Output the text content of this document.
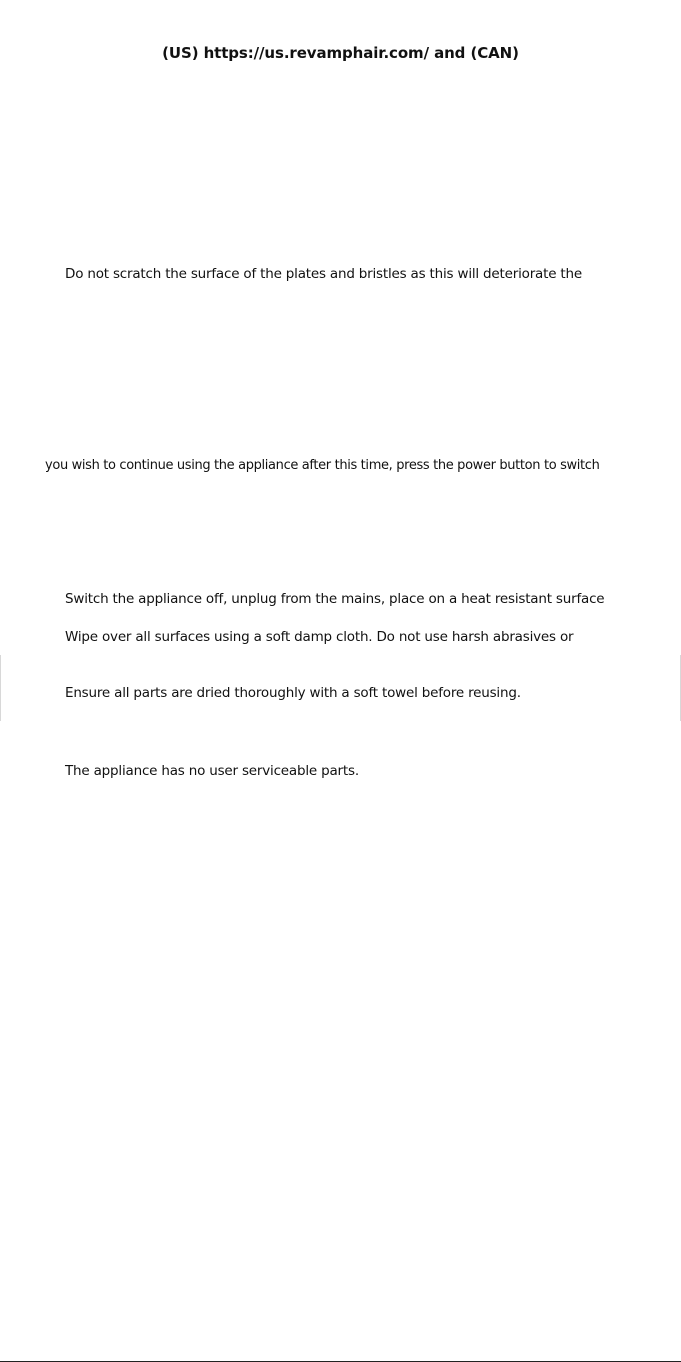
(US) https://us.revamphair.com/ and (CAN)
Do not scratch the surface of the plates and bristles as this will deteriorate the
you wish to continue using the appliance after this time, press the power button to switch
Switch the appliance off, unplug from the mains, place on a heat resistant surface
Wipe over all surfaces using a soft damp cloth. Do not use harsh abrasives or
Ensure all parts are dried thoroughly with a soft towel before reusing.
The appliance has no user serviceable parts.
